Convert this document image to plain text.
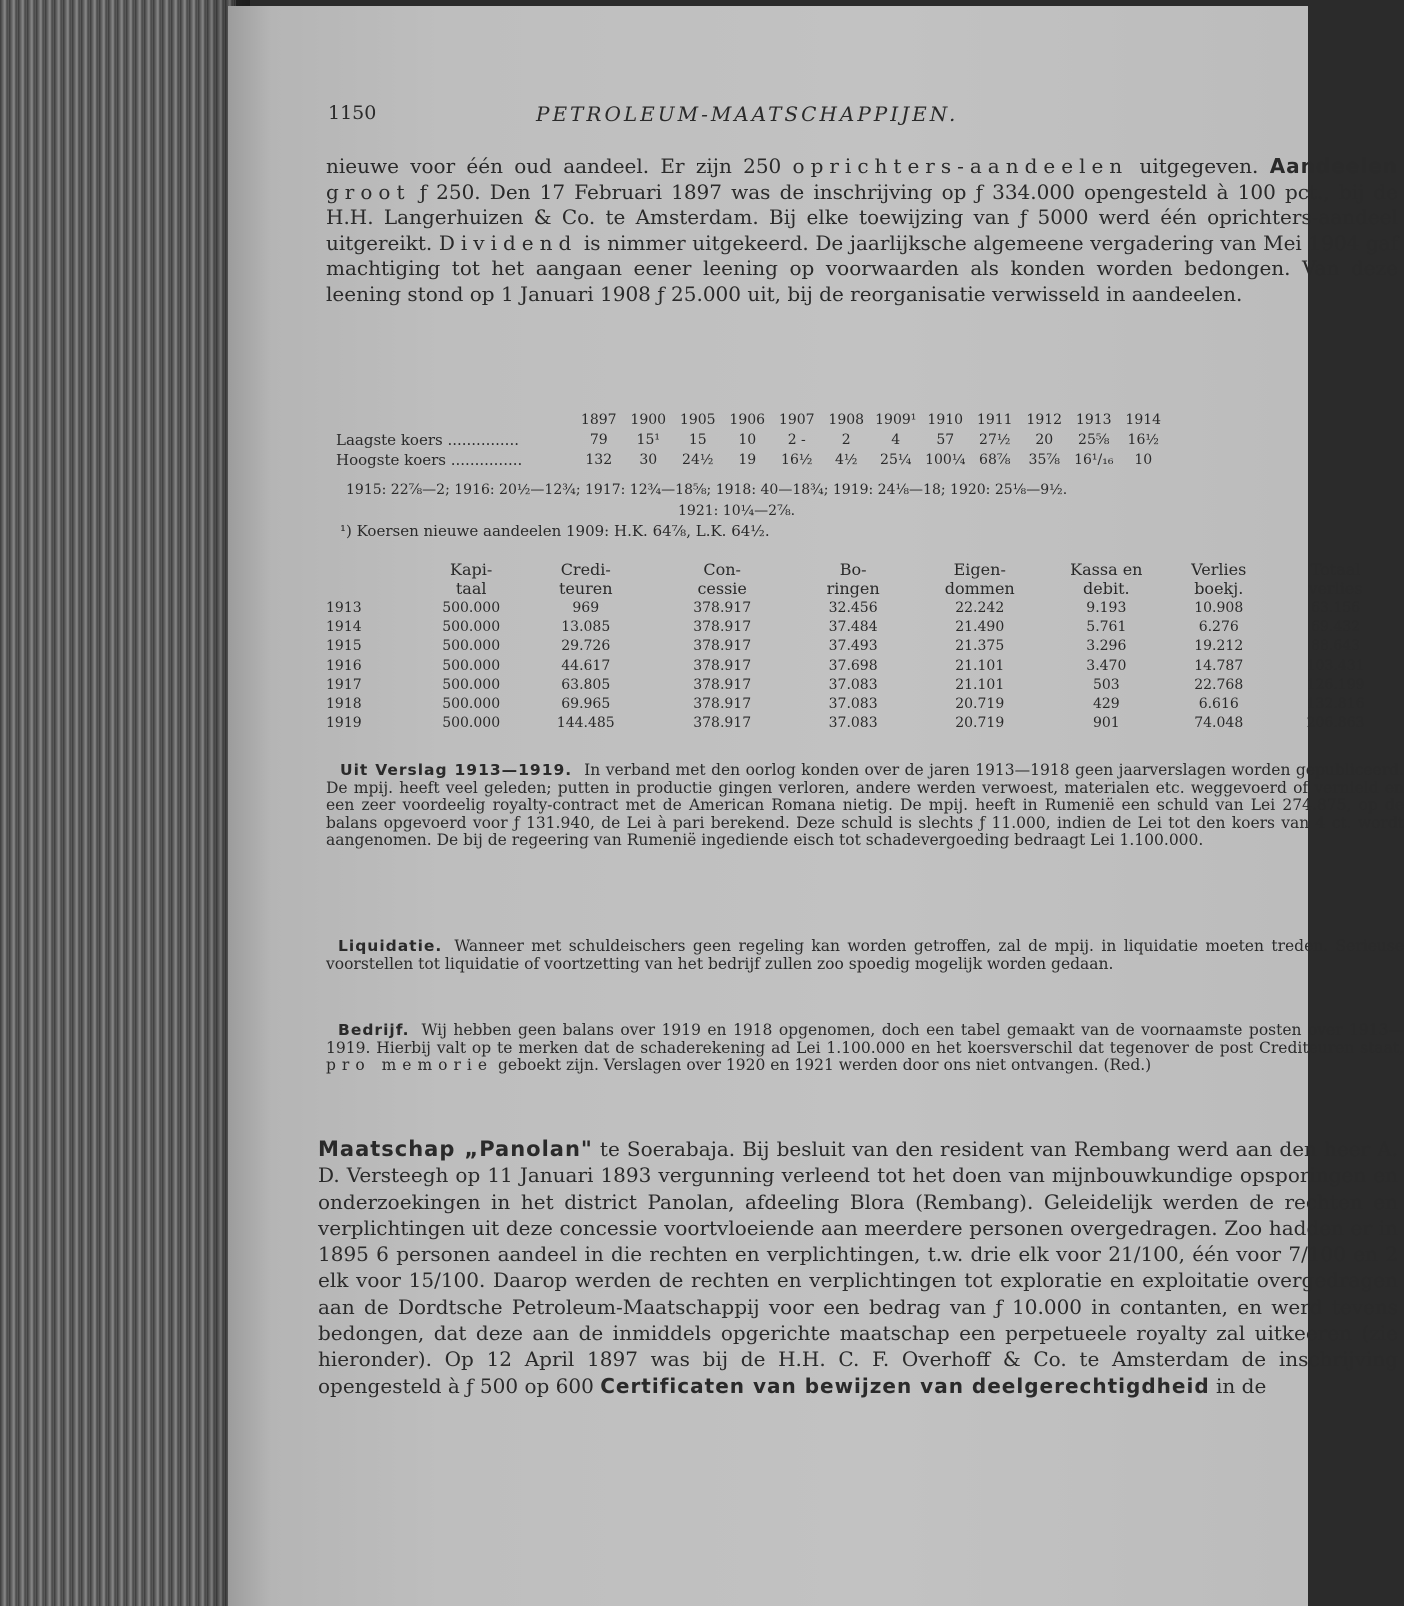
1150	PETROLEUM-MAATSCHAPPIJEN.

nieuwe voor één oud aandeel. Er zijn 250 oprichters-aandeelen uitgegeven. Aandeelen groot ƒ 250. Den 17 Februari 1897 was de inschrijving op ƒ 334.000 opengesteld à 100 pct., bij de H.H. Langerhuizen & Co. te Amsterdam. Bij elke toewijzing van ƒ 5000 werd één oprichters-aandeel uitgereikt. Dividend is nimmer uitgekeerd. De jaarlijksche algemeene vergadering van Mei 1904 gaf machtiging tot het aangaan eener leening op voorwaarden als konden worden bedongen. Van deze leening stond op 1 Januari 1908 ƒ 25.000 uit, bij de reorganisatie verwisseld in aandeelen.

	1897	1900	1905	1906	1907	1908	1909¹	1910	1911	1912	1913	1914
Laagste koers ...............	79	15¹	15	10	2 -	2	4	57	27½	20	25⅝	16½
Hoogste koers ...............	132	30	24½	19	16½	4½	25¼	100¼	68⅞	35⅞	16¹/₁₆	10
1915: 22⅞—2; 1916: 20½—12¾; 1917: 12¾—18⅝; 1918: 40—18¾; 1919: 24⅛—18; 1920: 25⅛—9½.
1921: 10¼—2⅞.
¹) Koersen nieuwe aandeelen 1909: H.K. 64⅞, L.K. 64½.
	Kapi-	Credi-	Con-	Bo-	Eigen-	Kassa en	Verlies	Totaal
	taal	teuren	cessie	ringen	dommen	debit.	boekj.	verlies
1913	500.000	969	378.917	32.456	22.242	9.193	10.908	63.156
1914	500.000	13.085	378.917	37.484	21.490	5.761	6.276	69.432
1915	500.000	29.726	378.917	37.493	21.375	3.296	19.212	88.643
1916	500.000	44.617	378.917	37.698	21.101	3.470	14.787	103.431
1917	500.000	63.805	378.917	37.083	21.101	503	22.768	126.199
1918	500.000	69.965	378.917	37.083	20.719	429	6.616	132.816
1919	500.000	144.485	378.917	37.083	20.719	901	74.048	206.863

Uit Verslag 1913—1919. In verband met den oorlog konden over de jaren 1913—1918 geen jaarverslagen worden gepubliceerd. De mpij. heeft veel geleden; putten in productie gingen verloren, andere werden verwoest, materialen etc. weggevoerd of vernield en een zeer voordeelig royalty-contract met de American Romana nietig. De mpij. heeft in Rumenië een schuld van Lei 274.875, op de balans opgevoerd voor ƒ 131.940, de Lei à pari berekend. Deze schuld is slechts ƒ 11.000, indien de Lei tot den koers van 4 ct. wordt aangenomen. De bij de regeering van Rumenië ingediende eisch tot schadevergoeding bedraagt Lei 1.100.000.

Liquidatie. Wanneer met schuldeischers geen regeling kan worden getroffen, zal de mpij. in liquidatie moeten treden. Serieuse voorstellen tot liquidatie of voortzetting van het bedrijf zullen zoo spoedig mogelijk worden gedaan.

Bedrijf. Wij hebben geen balans over 1919 en 1918 opgenomen, doch een tabel gemaakt van de voornaamste posten over 1913—1919. Hierbij valt op te merken dat de schaderekening ad Lei 1.100.000 en het koersverschil dat tegenover de post Crediteuren staat, pro memorie geboekt zijn. Verslagen over 1920 en 1921 werden door ons niet ontvangen. (Red.)

Maatschap „Panolan" te Soerabaja. Bij besluit van den resident van Rembang werd aan den heer A. D. Versteegh op 11 Januari 1893 vergunning verleend tot het doen van mijnbouwkundige opsporingen en onderzoekingen in het district Panolan, afdeeling Blora (Rembang). Geleidelijk werden de rechten en verplichtingen uit deze concessie voortvloeiende aan meerdere personen overgedragen. Zoo hadden er in 1895 6 personen aandeel in die rechten en verplichtingen, t.w. drie elk voor 21/100, één voor 7/100 en 2 elk voor 15/100. Daarop werden de rechten en verplichtingen tot exploratie en exploitatie overgedragen aan de Dordtsche Petroleum-Maatschappij voor een bedrag van ƒ 10.000 in contanten, en werd tevens bedongen, dat deze aan de inmiddels opgerichte maatschap een perpetueele royalty zal uitkeeren (zie hieronder). Op 12 April 1897 was bij de H.H. C. F. Overhoff & Co. te Amsterdam de inschrijving opengesteld à ƒ 500 op 600 Certificaten van bewijzen van deelgerechtigdheid in de
